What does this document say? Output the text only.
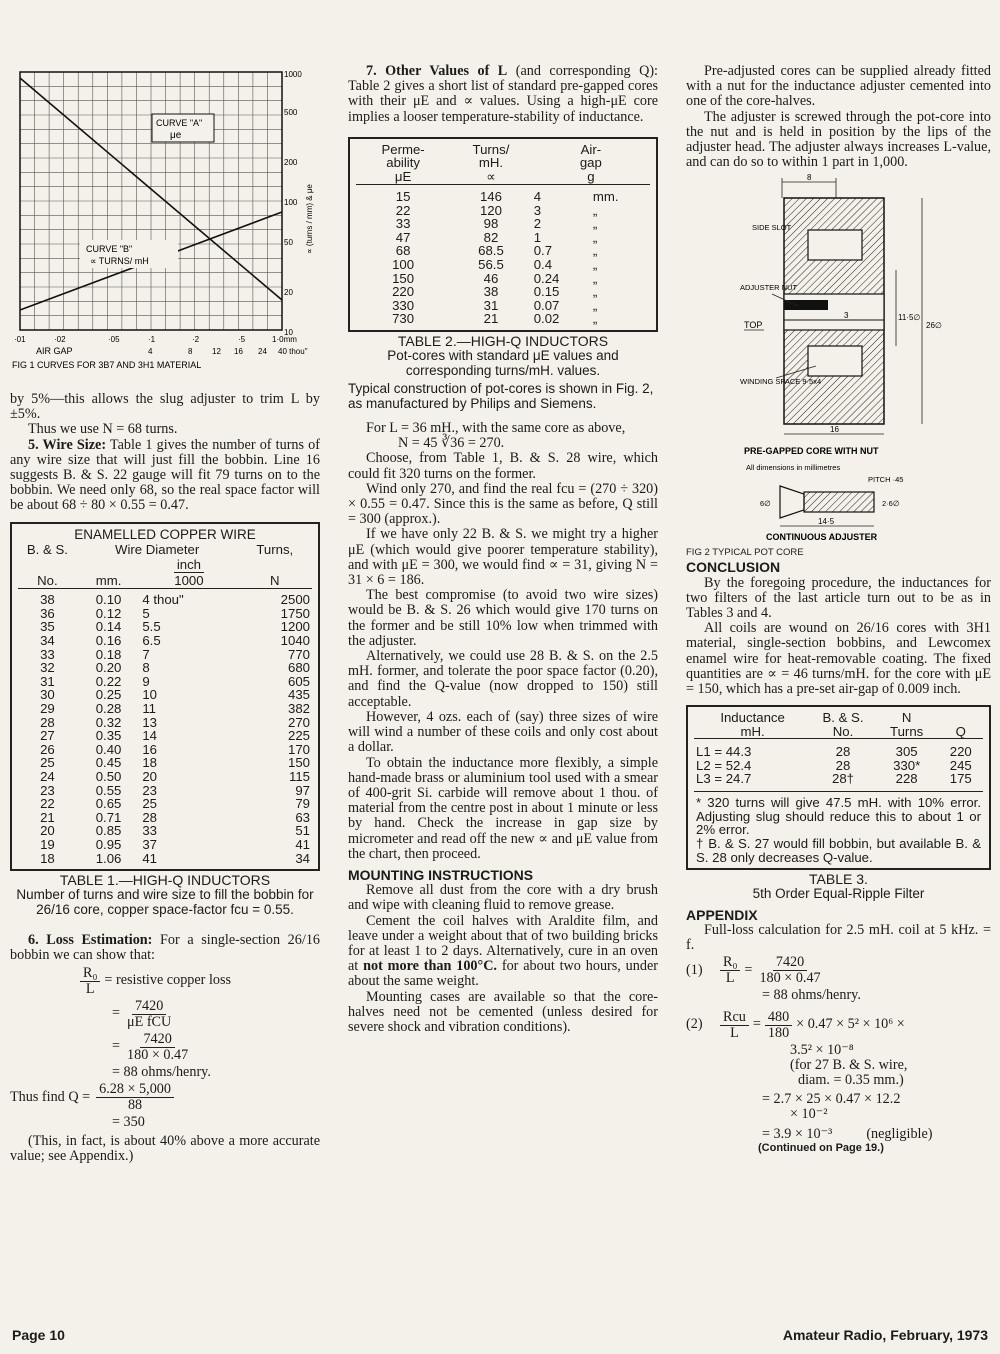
CURVE "A"
μe
CURVE "B"
∝ TURNS/ mH
1000
500
200
100
50
20
10
∝ (turns / mm) & μe
·01	·02	·05	·1	·2	·5	1·0mm
AIR GAP	4	8 12 16 24 40 thou"
FIG 1 CURVES FOR 3B7 AND 3H1 MATERIAL

by 5%—this allows the slug adjuster to trim L by ±5%.

Thus we use N = 68 turns.

5. Wire Size: Table 1 gives the number of turns of any wire size that will just fill the bobbin. Line 16 suggests B. & S. 22 gauge will fit 79 turns on to the bobbin. We need only 68, so the real space factor will be about 68 ÷ 80 × 0.55 = 0.47.

ENAMELLED COPPER WIRE
B. & S.	Wire Diameter		Turns,
No.	mm.	$\frac{\text{inch}}{1000}$	N

38	0.10	4 thou"	2500
36	0.12	5	1750
35	0.14	5.5	1200
34	0.16	6.5	1040
33	0.18	7	770
32	0.20	8	680
31	0.22	9	605
30	0.25	10	435
29	0.28	11	382
28	0.32	13	270
27	0.35	14	225
26	0.40	16	170
25	0.45	18	150
24	0.50	20	115
23	0.55	23	97
22	0.65	25	79
21	0.71	28	63
20	0.85	33	51
19	0.95	37	41
18	1.06	41	34
TABLE 1.—HIGH-Q INDUCTORS
Number of turns and wire size to fill the bobbin for 26/16 core, copper space-factor fcu = 0.55.

6. Loss Estimation: For a single-section 26/16 bobbin we can show that:

$\frac{\text{R₀}}{L}$ = resistive copper loss
= $\frac{7420}{\text{μE fCU}}$
= $\frac{7420}{180 \times 0.47}$
= 88 ohms/henry.
Thus find $Q = \frac{6.28 \times 5,000}{88}$
= 350

(This, in fact, is about 40% above a more accurate value; see Appendix.)

7. Other Values of L (and corresponding Q): Table 2 gives a short list of standard pre-gapped cores with their μE and ∝ values. Using a high-μE core implies a looser temperature-stability of inductance.

Perme-	Turns/	Air-	
ability	mH.	gap	
μE	∝	g	

15	146	4	mm.
22	120	3	„
33	98	2	„
47	82	1	„
68	68.5	0.7	„
100	56.5	0.4	„
150	46	0.24	„
220	38	0.15	„
330	31	0.07	„
730	21	0.02	„
TABLE 2.—HIGH-Q INDUCTORS
Pot-cores with standard μE values and corresponding turns/mH. values.
Typical construction of pot-cores is shown in Fig. 2, as manufactured by Philips and Siemens.

For L = 36 mH., with the same core as above,

N = 45 ∛36 = 270.

Choose, from Table 1, B. & S. 28 wire, which could fit 320 turns on the former.

Wind only 270, and find the real fcu = (270 ÷ 320) × 0.55 = 0.47. Since this is the same as before, Q still = 300 (approx.).

If we have only 22 B. & S. we might try a higher μE (which would give poorer temperature stability), and with μE = 300, we would find ∝ = 31, giving N = 31 × 6 = 186.

The best compromise (to avoid two wire sizes) would be B. & S. 26 which would give 170 turns on the former and be still 10% low when trimmed with the adjuster.

Alternatively, we could use 28 B. & S. on the 2.5 mH. former, and tolerate the poor space factor (0.20), and find the Q-value (now dropped to 150) still acceptable.

However, 4 ozs. each of (say) three sizes of wire will wind a number of these coils and only cost about a dollar.

To obtain the inductance more flexibly, a simple hand-made brass or aluminium tool used with a smear of 400-grit Si. carbide will remove about 1 thou. of material from the centre post in about 1 minute or less by hand. Check the increase in gap size by micrometer and read off the new ∝ and μE value from the chart, then proceed.

MOUNTING INSTRUCTIONS

Remove all dust from the core with a dry brush and wipe with cleaning fluid to remove grease.

Cement the coil halves with Araldite film, and leave under a weight about that of two building bricks for at least 1 to 2 days. Alternatively, cure in an oven at not more than 100°C. for about two hours, under about the same weight.

Mounting cases are available so that the core-halves need not be cemented (unless desired for severe shock and vibration conditions).

Pre-adjusted cores can be supplied already fitted with a nut for the inductance adjuster cemented into one of the core-halves.

The adjuster is screwed through the pot-core into the nut and is held in position by the lips of the adjuster head. The adjuster always increases L-value, and can do so to within 1 part in 1,000.

8
3
SIDE SLOT
ADJUSTER NUT
TOP
WINDING SPACE 9·5x4
11·5∅
26∅
16
PRE-GAPPED CORE WITH NUT
All dimensions in millimetres
PITCH ·45
2·6∅
6∅
14·5
CONTINUOUS ADJUSTER
FIG 2 TYPICAL POT CORE
CONCLUSION

By the foregoing procedure, the inductances for two filters of the last article turn out to be as in Tables 3 and 4.

All coils are wound on 26/16 cores with 3H1 material, single-section bobbins, and Lewcomex enamel wire for heat-removable coating. The fixed quantities are ∝ = 46 turns/mH. for the core with μE = 150, which has a pre-set air-gap of 0.009 inch.

Inductance	B. & S.	N	
mH.	No.	Turns	Q

L1 = 44.3	28	305	220
L2 = 52.4	28	330*	245
L3 = 24.7	28†	228	175

* 320 turns will give 47.5 mH. with 10% error. Adjusting slug should reduce this to about 1 or 2% error.			
† B. & S. 27 would fill bobbin, but available B. & S. 28 only decreases Q-value.			
TABLE 3.
5th Order Equal-Ripple Filter
APPENDIX

Full-loss calculation for 2.5 mH. coil at 5 kHz. = f.

(1)	$\frac{\text{R₀}}{L} = \frac{7420}{180 \times 0.47}$
= 88 ohms/henry.
(2)	$\frac{\text{Rcu}}{L} = \frac{480}{180} \times 0.47 \times 5^2 \times 10^6$ ×
3.5² × 10⁻⁸
(for 27 B. & S. wire,
diam. = 0.35 mm.)
= 2.7 × 25 × 0.47 × 12.2
× 10⁻²
= 3.9 × 10⁻³ (negligible)
(Continued on Page 19.)
Page 10	Amateur Radio, February, 1973
